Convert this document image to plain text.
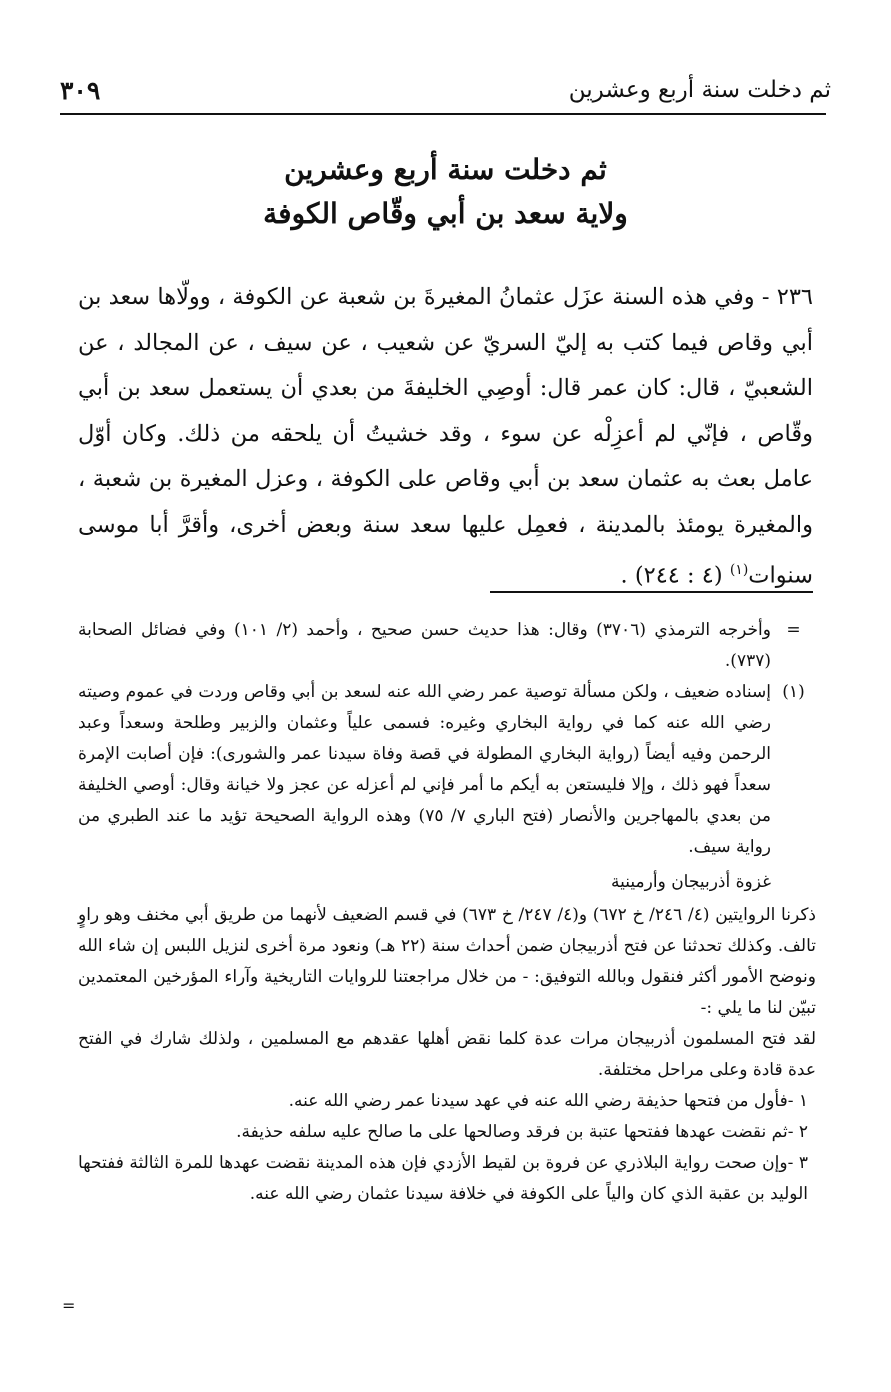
ثم دخلت سنة أربع وعشرين
٣٠٩
ثم دخلت سنة أربع وعشرين
ولاية سعد بن أبي وقّاص الكوفة

٢٣٦ - وفي هذه السنة عزَل عثمانُ المغيرةَ بن شعبة عن الكوفة ، وولّاها سعد بن أبي وقاص فيما كتب به إليّ السريّ عن شعيب ، عن سيف ، عن المجالد ، عن الشعبيّ ، قال: كان عمر قال: أوصِي الخليفةَ من بعدي أن يستعمل سعد بن أبي وقّاص ، فإنّي لم أعزِلْه عن سوء ، وقد خشيتُ أن يلحقه من ذلك. وكان أوّل عامل بعث به عثمان سعد بن أبي وقاص على الكوفة ، وعزل المغيرة بن شعبة ، والمغيرة يومئذ بالمدينة ، فعمِل عليها سعد سنة وبعض أخرى، وأقرَّ أبا موسى سنوات$^{(١)}$ (٤ : ٢٤٤) .

=
وأخرجه الترمذي (٣٧٠٦) وقال: هذا حديث حسن صحيح ، وأحمد (٢/ ١٠١) وفي فضائل الصحابة (٧٣٧).
(١)

إسناده ضعيف ، ولكن مسألة توصية عمر رضي الله عنه لسعد بن أبي وقاص وردت في عموم وصيته رضي الله عنه كما في رواية البخاري وغيره: فسمى علياً وعثمان والزبير وطلحة وسعداً وعبد الرحمن وفيه أيضاً (رواية البخاري المطولة في قصة وفاة سيدنا عمر والشورى): فإن أصابت الإمرة سعداً فهو ذلك ، وإلا فليستعن به أيكم ما أمر فإني لم أعزله عن عجز ولا خيانة وقال: أوصي الخليفة من بعدي بالمهاجرين والأنصار (فتح الباري ٧/ ٧٥) وهذه الرواية الصحيحة تؤيد ما عند الطبري من رواية سيف.

غزوة أذربيجان وأرمينية

ذكرنا الروايتين (٤/ ٢٤٦/ خ ٦٧٢) و(٤/ ٢٤٧/ خ ٦٧٣) في قسم الضعيف لأنهما من طريق أبي مخنف وهو راوٍ تالف. وكذلك تحدثنا عن فتح أذربيجان ضمن أحداث سنة (٢٢ هـ) ونعود مرة أخرى لنزيل اللبس إن شاء الله ونوضح الأمور أكثر فنقول وبالله التوفيق: - من خلال مراجعتنا للروايات التاريخية وآراء المؤرخين المعتمدين تبيّن لنا ما يلي :-

لقد فتح المسلمون أذربيجان مرات عدة كلما نقض أهلها عقدهم مع المسلمين ، ولذلك شارك في الفتح عدة قادة وعلى مراحل مختلفة.

١ -فأول من فتحها حذيفة رضي الله عنه في عهد سيدنا عمر رضي الله عنه.

٢ -ثم نقضت عهدها ففتحها عتبة بن فرقد وصالحها على ما صالح عليه سلفه حذيفة.

٣ -وإن صحت رواية البلاذري عن فروة بن لقيط الأزدي فإن هذه المدينة نقضت عهدها للمرة الثالثة ففتحها الوليد بن عقبة الذي كان والياً على الكوفة في خلافة سيدنا عثمان رضي الله عنه.

=
